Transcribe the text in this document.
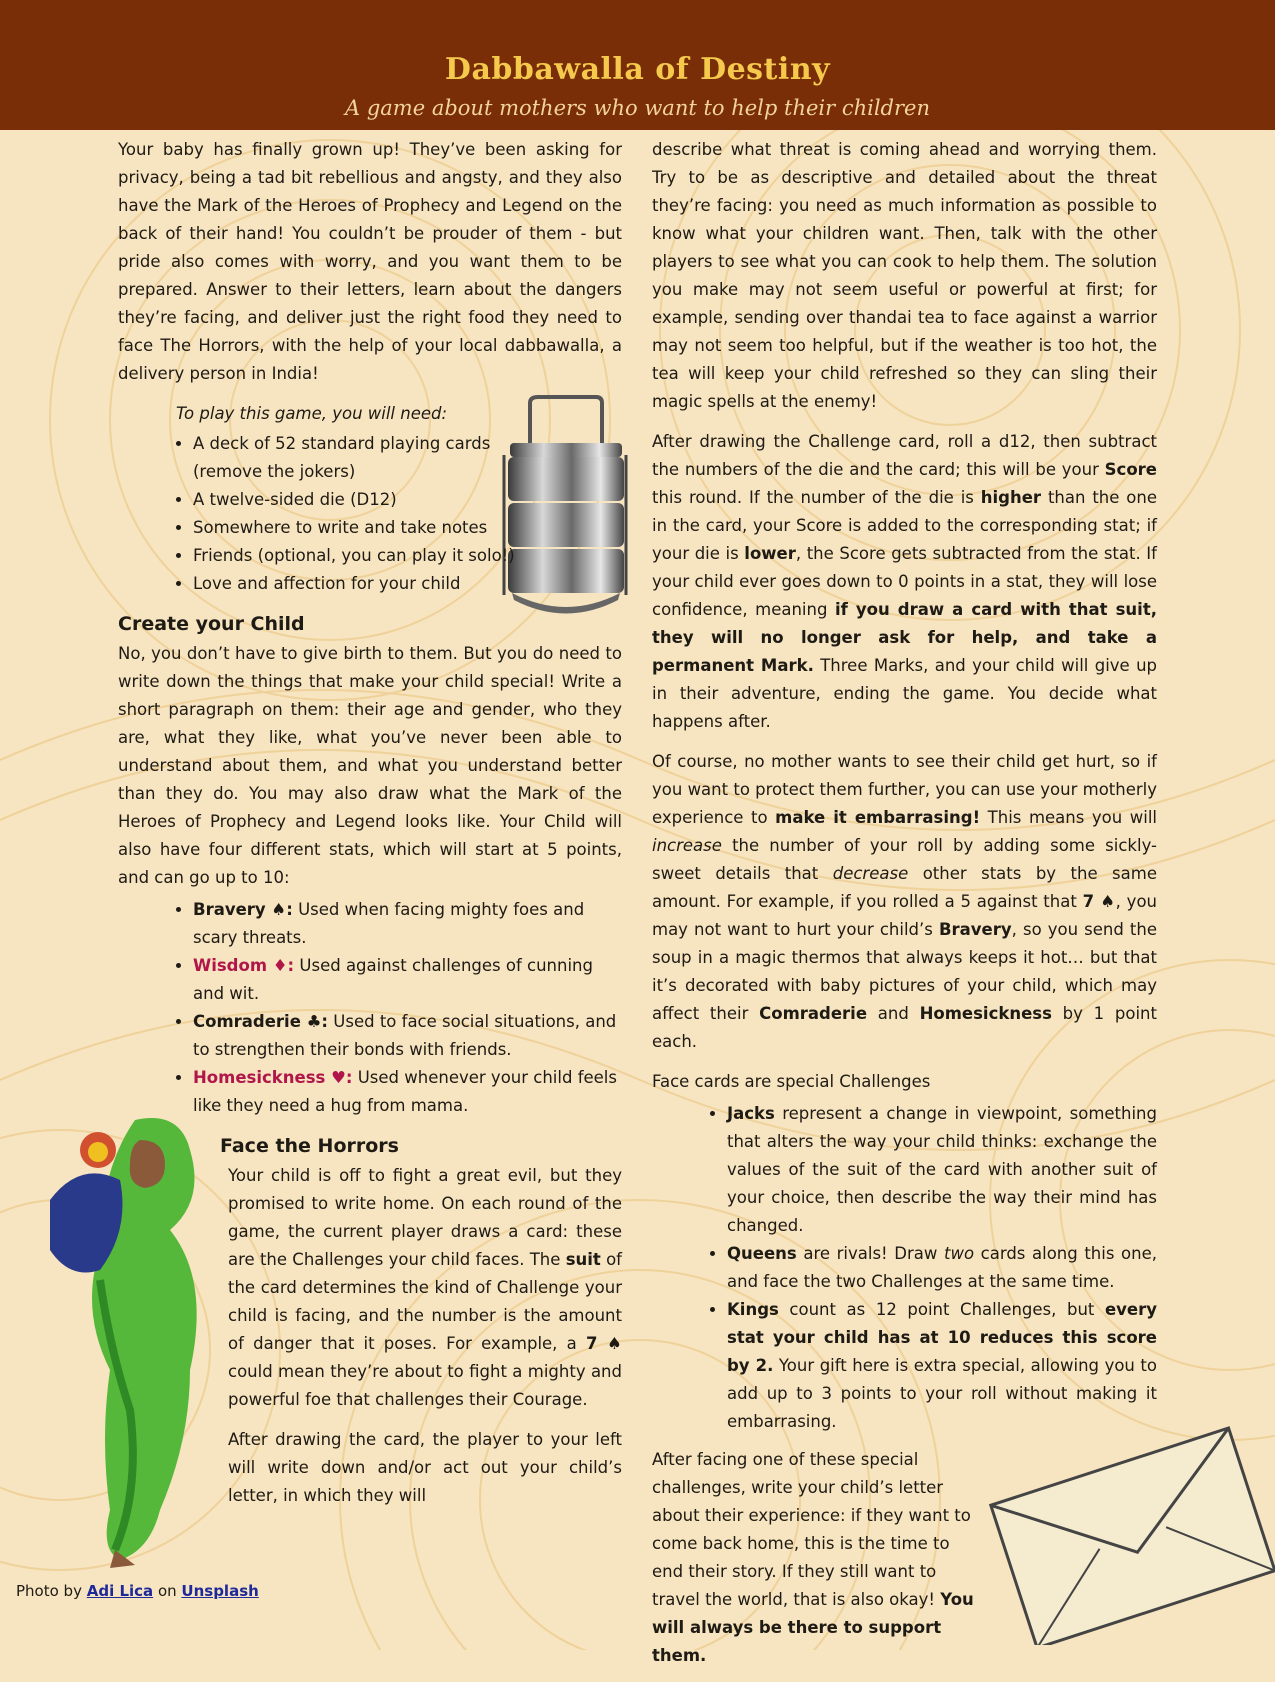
Dabbawalla of Destiny

A game about mothers who want to help their children

Your baby has finally grown up! They’ve been asking for privacy, being a tad bit rebellious and angsty, and they also have the Mark of the Heroes of Prophecy and Legend on the back of their hand! You couldn’t be prouder of them - but pride also comes with worry, and you want them to be prepared. Answer to their letters, learn about the dangers they’re facing, and deliver just the right food they need to face The Horrors, with the help of your local dabbawalla, a delivery person in India!

To play this game, you will need:

• A deck of 52 standard playing cards (remove the jokers)
• A twelve-sided die (D12)
• Somewhere to write and take notes
• Friends (optional, you can play it solo!)
• Love and affection for your child
Create your Child

No, you don’t have to give birth to them. But you do need to write down the things that make your child special! Write a short paragraph on them: their age and gender, who they are, what they like, what you’ve never been able to understand about them, and what you understand better than they do. You may also draw what the Mark of the Heroes of Prophecy and Legend looks like. Your Child will also have four different stats, which will start at 5 points, and can go up to 10:

• Bravery ♠: Used when facing mighty foes and scary threats.
• Wisdom ♦: Used against challenges of cunning and wit.
• Comraderie ♣: Used to face social situations, and to strengthen their bonds with friends.
• Homesickness ♥: Used whenever your child feels like they need a hug from mama.
Face the Horrors

Your child is off to fight a great evil, but they promised to write home. On each round of the game, the current player draws a card: these are the Challenges your child faces. The suit of the card determines the kind of Challenge your child is facing, and the number is the amount of danger that it poses. For example, a 7 ♠ could mean they’re about to fight a mighty and powerful foe that challenges their Courage.

After drawing the card, the player to your left will write down and/or act out your child’s letter, in which they will

describe what threat is coming ahead and worrying them. Try to be as descriptive and detailed about the threat they’re facing: you need as much information as possible to know what your children want. Then, talk with the other players to see what you can cook to help them. The solution you make may not seem useful or powerful at first; for example, sending over thandai tea to face against a warrior may not seem too helpful, but if the weather is too hot, the tea will keep your child refreshed so they can sling their magic spells at the enemy!

After drawing the Challenge card, roll a d12, then subtract the numbers of the die and the card; this will be your Score this round. If the number of the die is higher than the one in the card, your Score is added to the corresponding stat; if your die is lower, the Score gets subtracted from the stat. If your child ever goes down to 0 points in a stat, they will lose confidence, meaning if you draw a card with that suit, they will no longer ask for help, and take a permanent Mark. Three Marks, and your child will give up in their adventure, ending the game. You decide what happens after.

Of course, no mother wants to see their child get hurt, so if you want to protect them further, you can use your motherly experience to make it embarrasing! This means you will increase the number of your roll by adding some sickly-sweet details that decrease other stats by the same amount. For example, if you rolled a 5 against that 7 ♠, you may not want to hurt your child’s Bravery, so you send the soup in a magic thermos that always keeps it hot… but that it’s decorated with baby pictures of your child, which may affect their Comraderie and Homesickness by 1 point each.

Face cards are special Challenges

• Jacks represent a change in viewpoint, something that alters the way your child thinks: exchange the values of the suit of the card with another suit of your choice, then describe the way their mind has changed.
• Queens are rivals! Draw two cards along this one, and face the two Challenges at the same time.
• Kings count as 12 point Challenges, but every stat your child has at 10 reduces this score by 2. Your gift here is extra special, allowing you to add up to 3 points to your roll without making it embarrasing.

After facing one of these special challenges, write your child’s letter about their experience: if they want to come back home, this is the time to end their story. If they still want to travel the world, that is also okay! You will always be there to support them.

Photo by Adi Lica on Unsplash
